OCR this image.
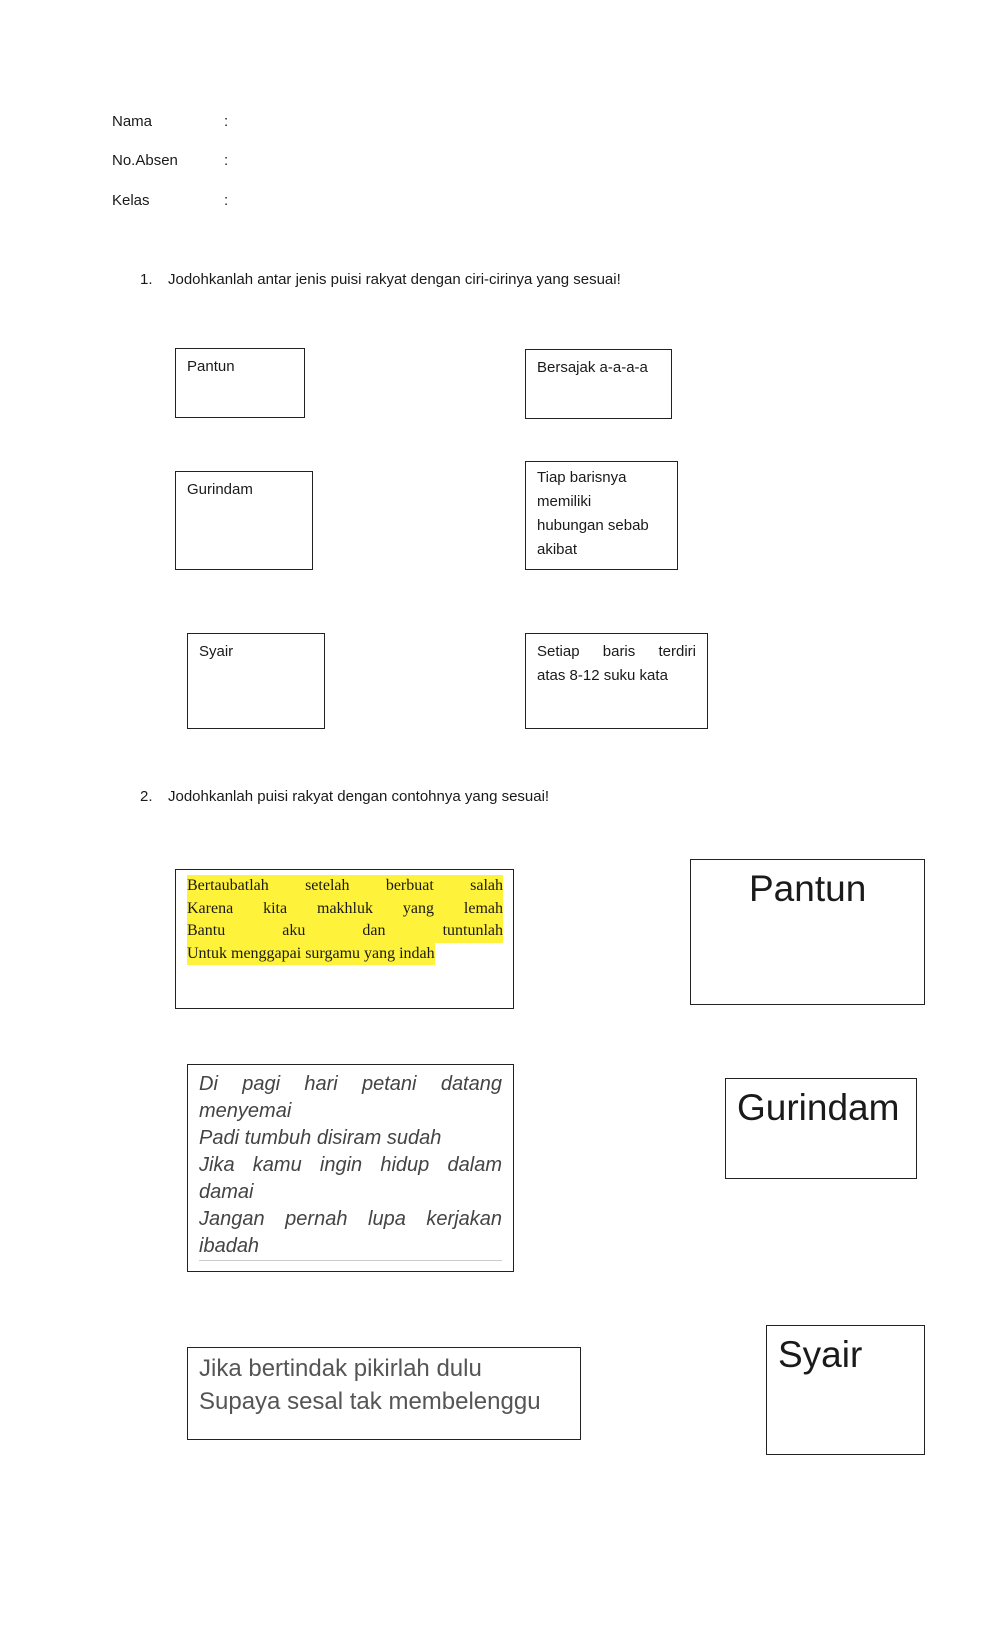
Nama	:
No.Absen	:
Kelas	:
1. Jodohkanlah antar jenis puisi rakyat dengan ciri-cirinya yang sesuai!
Pantun
Gurindam
Syair
Bersajak a-a-a-a
Tiap barisnya
memiliki
hubungan sebab
akibat
Setiap baris terdiri
atas 8-12 suku kata
2. Jodohkanlah puisi rakyat dengan contohnya yang sesuai!
Bertaubatlah setelah berbuat salah
Karena kita makhluk yang lemah
Bantu aku dan tuntunlah
Untuk menggapai surgamu yang indah
Di pagi hari petani datang
menyemai
Padi tumbuh disiram sudah
Jika kamu ingin hidup dalam
damai
Jangan pernah lupa kerjakan
ibadah
Jika bertindak pikirlah dulu
Supaya sesal tak membelenggu
Pantun
Gurindam
Syair
